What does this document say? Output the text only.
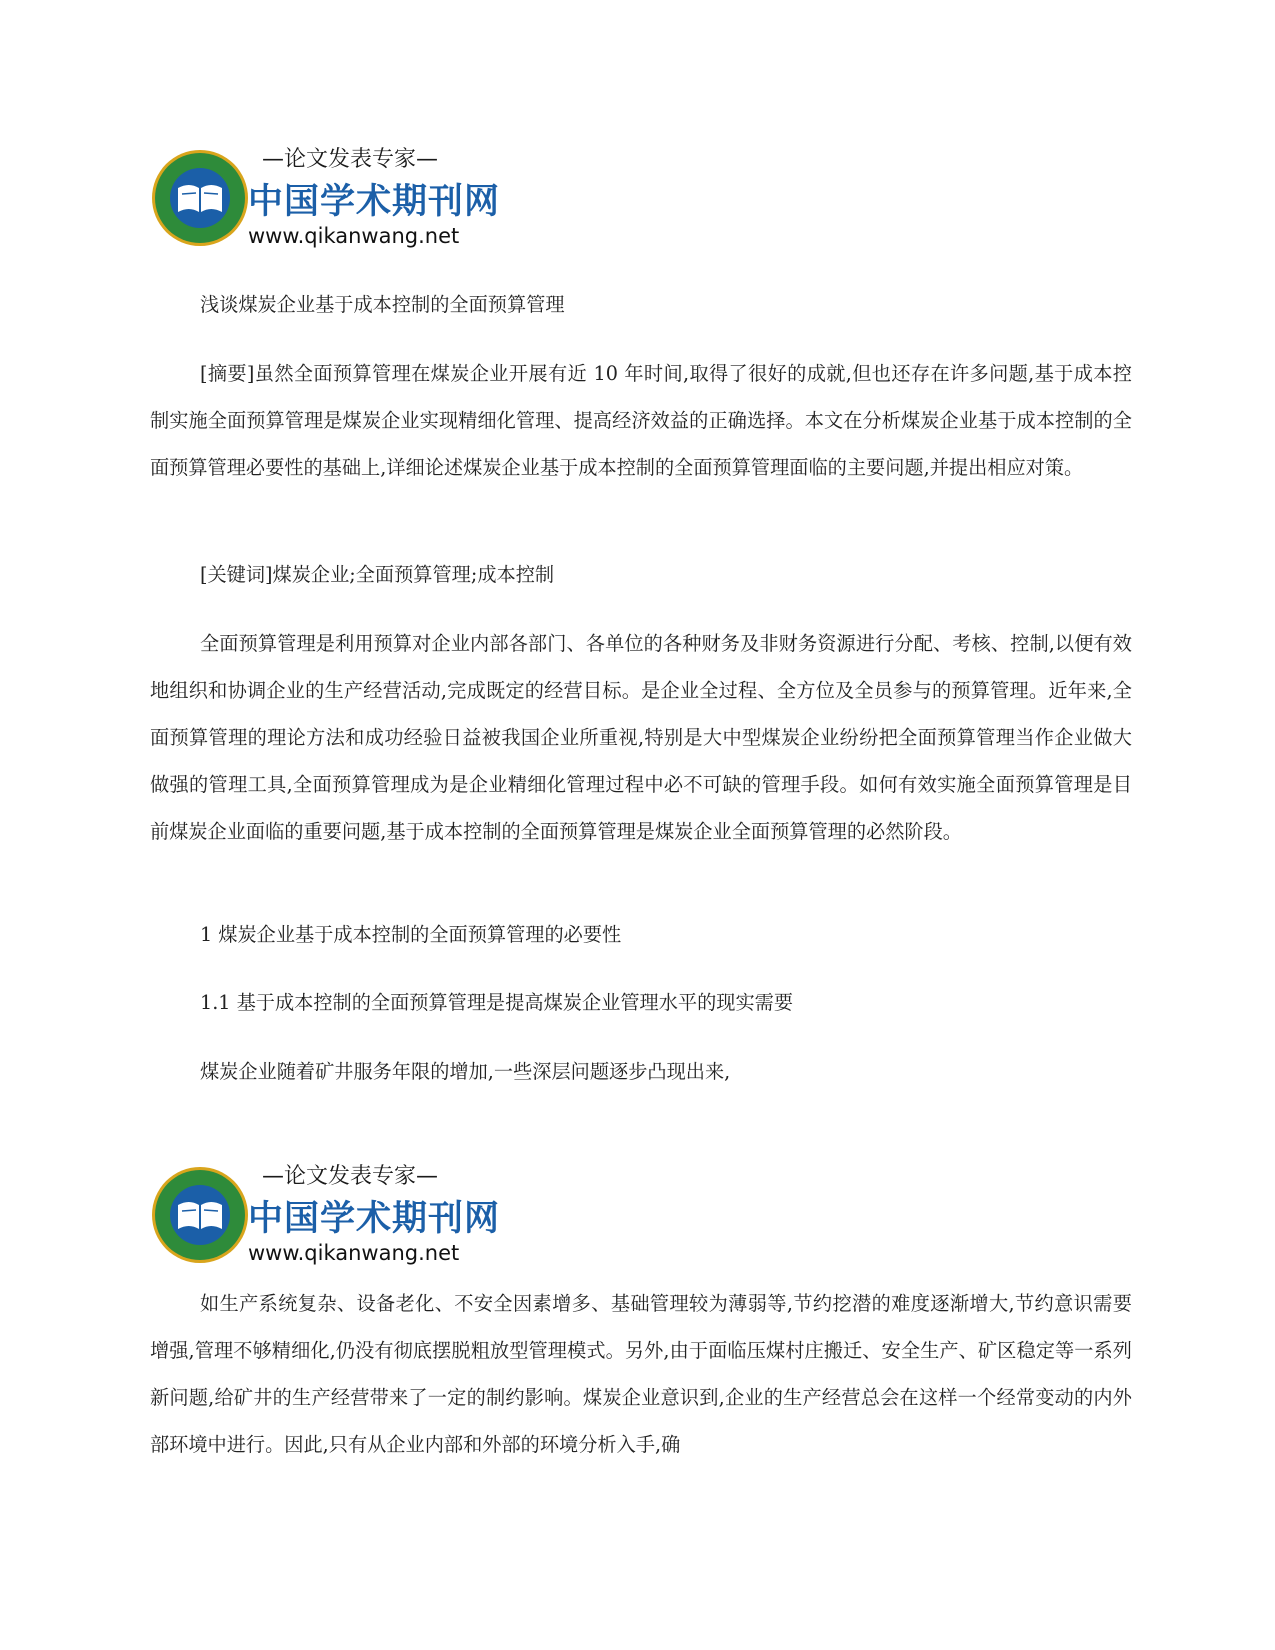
—论文发表专家—
中国学术期刊网
www.qikanwang.net

浅谈煤炭企业基于成本控制的全面预算管理

[摘要]虽然全面预算管理在煤炭企业开展有近 10 年时间,取得了很好的成就,但也还存在许多问题,基于成本控制实施全面预算管理是煤炭企业实现精细化管理、提高经济效益的正确选择。本文在分析煤炭企业基于成本控制的全面预算管理必要性的基础上,详细论述煤炭企业基于成本控制的全面预算管理面临的主要问题,并提出相应对策。

[关键词]煤炭企业;全面预算管理;成本控制

全面预算管理是利用预算对企业内部各部门、各单位的各种财务及非财务资源进行分配、考核、控制,以便有效地组织和协调企业的生产经营活动,完成既定的经营目标。是企业全过程、全方位及全员参与的预算管理。近年来,全面预算管理的理论方法和成功经验日益被我国企业所重视,特别是大中型煤炭企业纷纷把全面预算管理当作企业做大做强的管理工具,全面预算管理成为是企业精细化管理过程中必不可缺的管理手段。如何有效实施全面预算管理是目前煤炭企业面临的重要问题,基于成本控制的全面预算管理是煤炭企业全面预算管理的必然阶段。

1 煤炭企业基于成本控制的全面预算管理的必要性

1.1 基于成本控制的全面预算管理是提高煤炭企业管理水平的现实需要

煤炭企业随着矿井服务年限的增加,一些深层问题逐步凸现出来,

—论文发表专家—
中国学术期刊网
www.qikanwang.net

如生产系统复杂、设备老化、不安全因素增多、基础管理较为薄弱等,节约挖潜的难度逐渐增大,节约意识需要增强,管理不够精细化,仍没有彻底摆脱粗放型管理模式。另外,由于面临压煤村庄搬迁、安全生产、矿区稳定等一系列新问题,给矿井的生产经营带来了一定的制约影响。煤炭企业意识到,企业的生产经营总会在这样一个经常变动的内外部环境中进行。因此,只有从企业内部和外部的环境分析入手,确
